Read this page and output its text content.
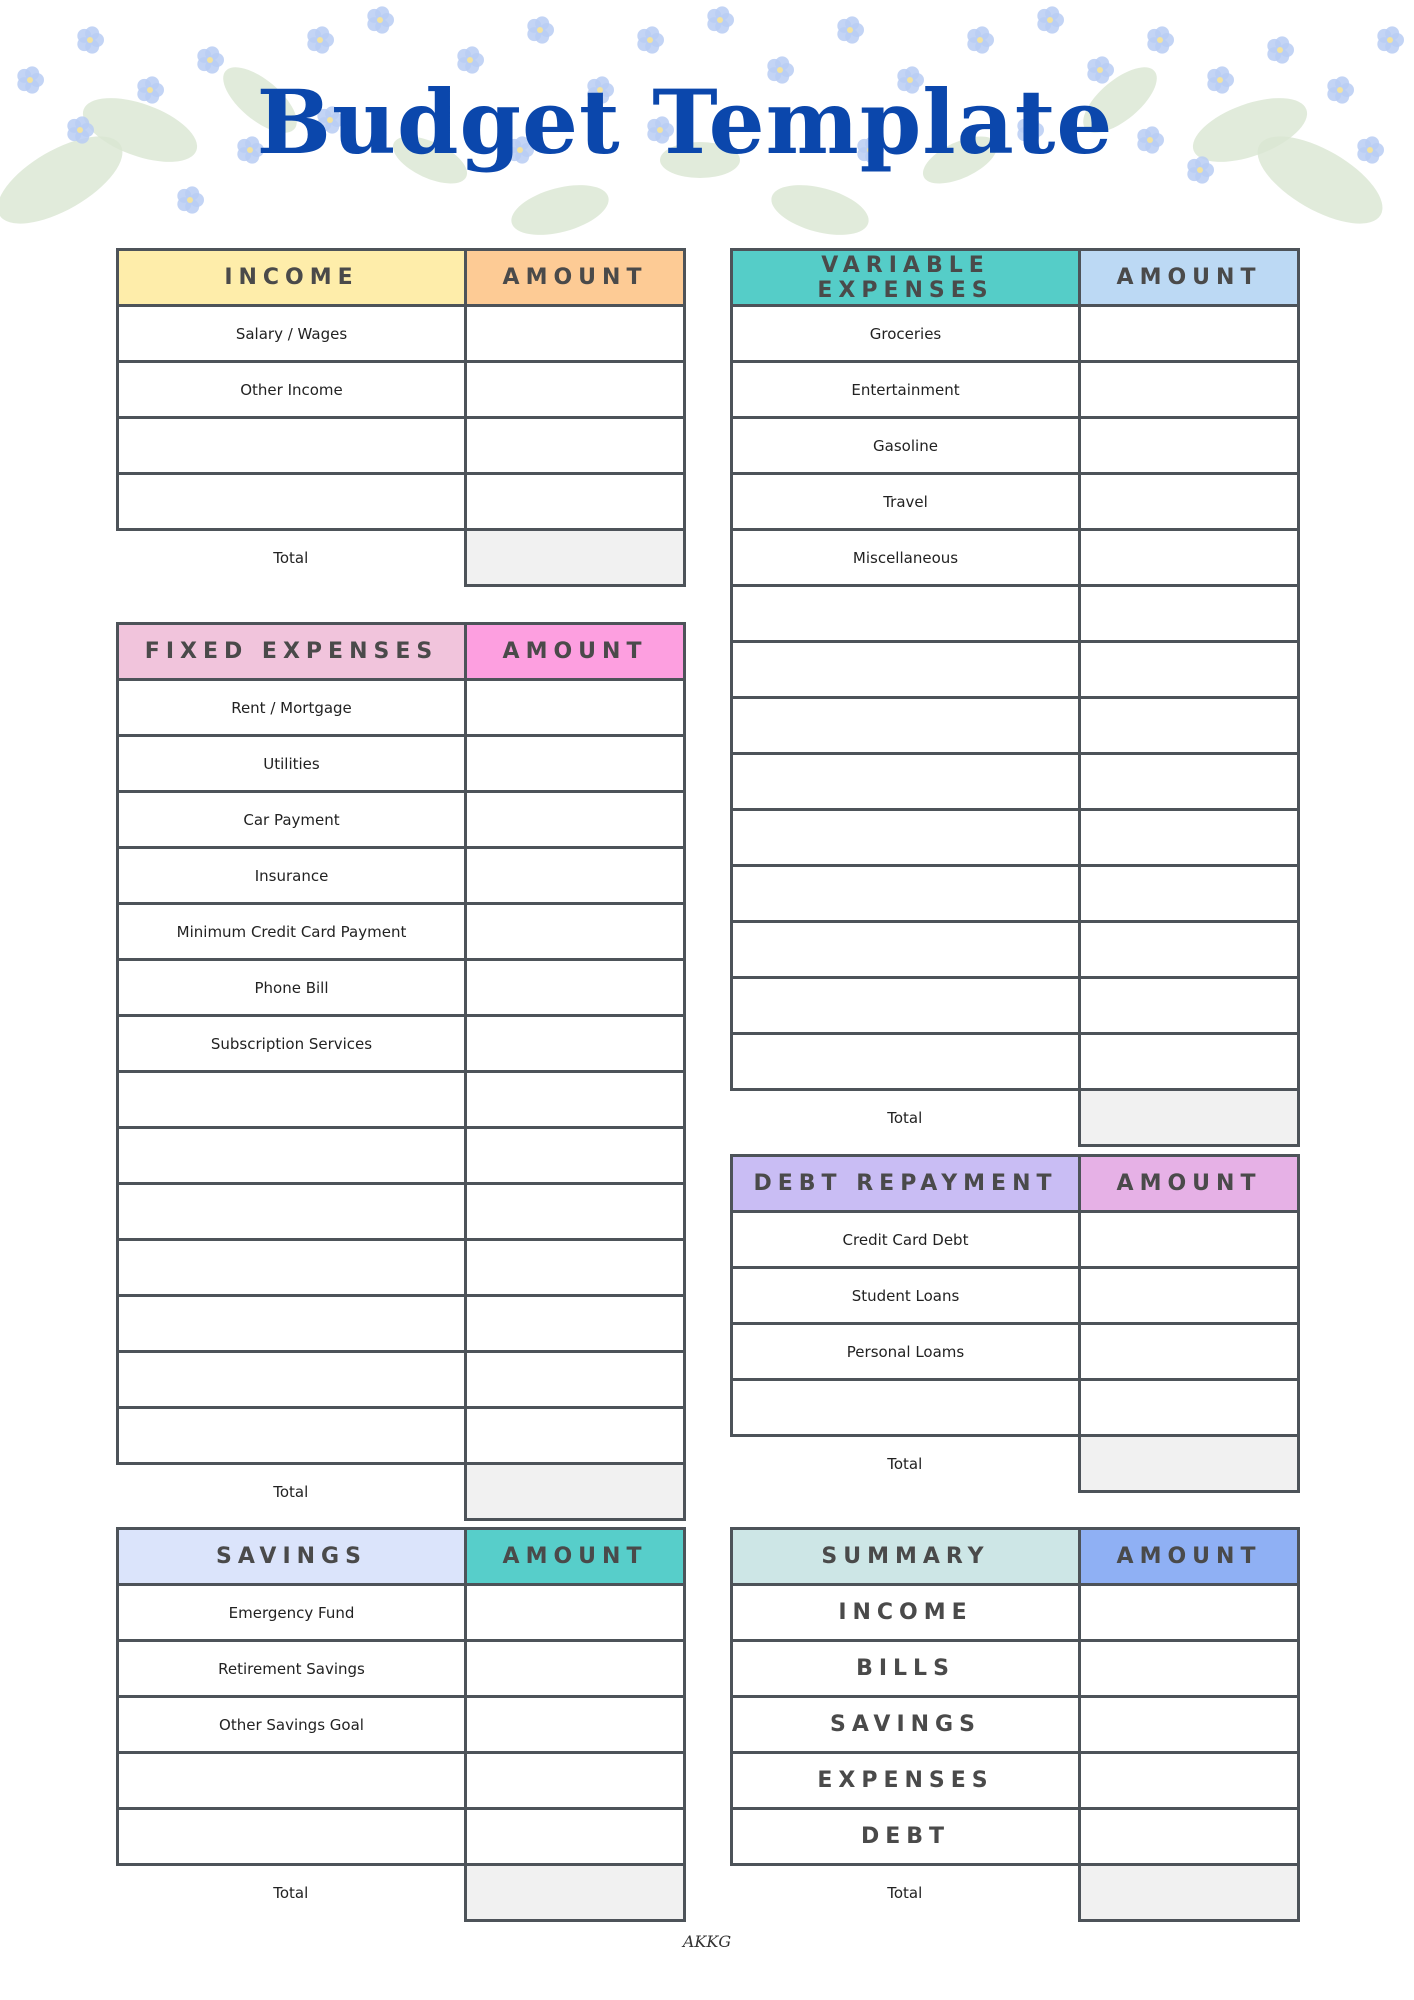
Budget Template
INCOME	AMOUNT
Salary / Wages	
Other Income	

Total	
FIXED EXPENSES	AMOUNT
Rent / Mortgage	
Utilities	
Car Payment	
Insurance	
Minimum Credit Card Payment	
Phone Bill	
Subscription Services	

Total	
SAVINGS	AMOUNT
Emergency Fund	
Retirement Savings	
Other Savings Goal	

Total	
VARIABLE EXPENSES	AMOUNT
Groceries	
Entertainment	
Gasoline	
Travel	
Miscellaneous	

Total	
DEBT REPAYMENT	AMOUNT
Credit Card Debt	
Student Loans	
Personal Loams	

Total	
SUMMARY	AMOUNT
INCOME	
BILLS	
SAVINGS	
EXPENSES	
DEBT	
Total	
AKKG
